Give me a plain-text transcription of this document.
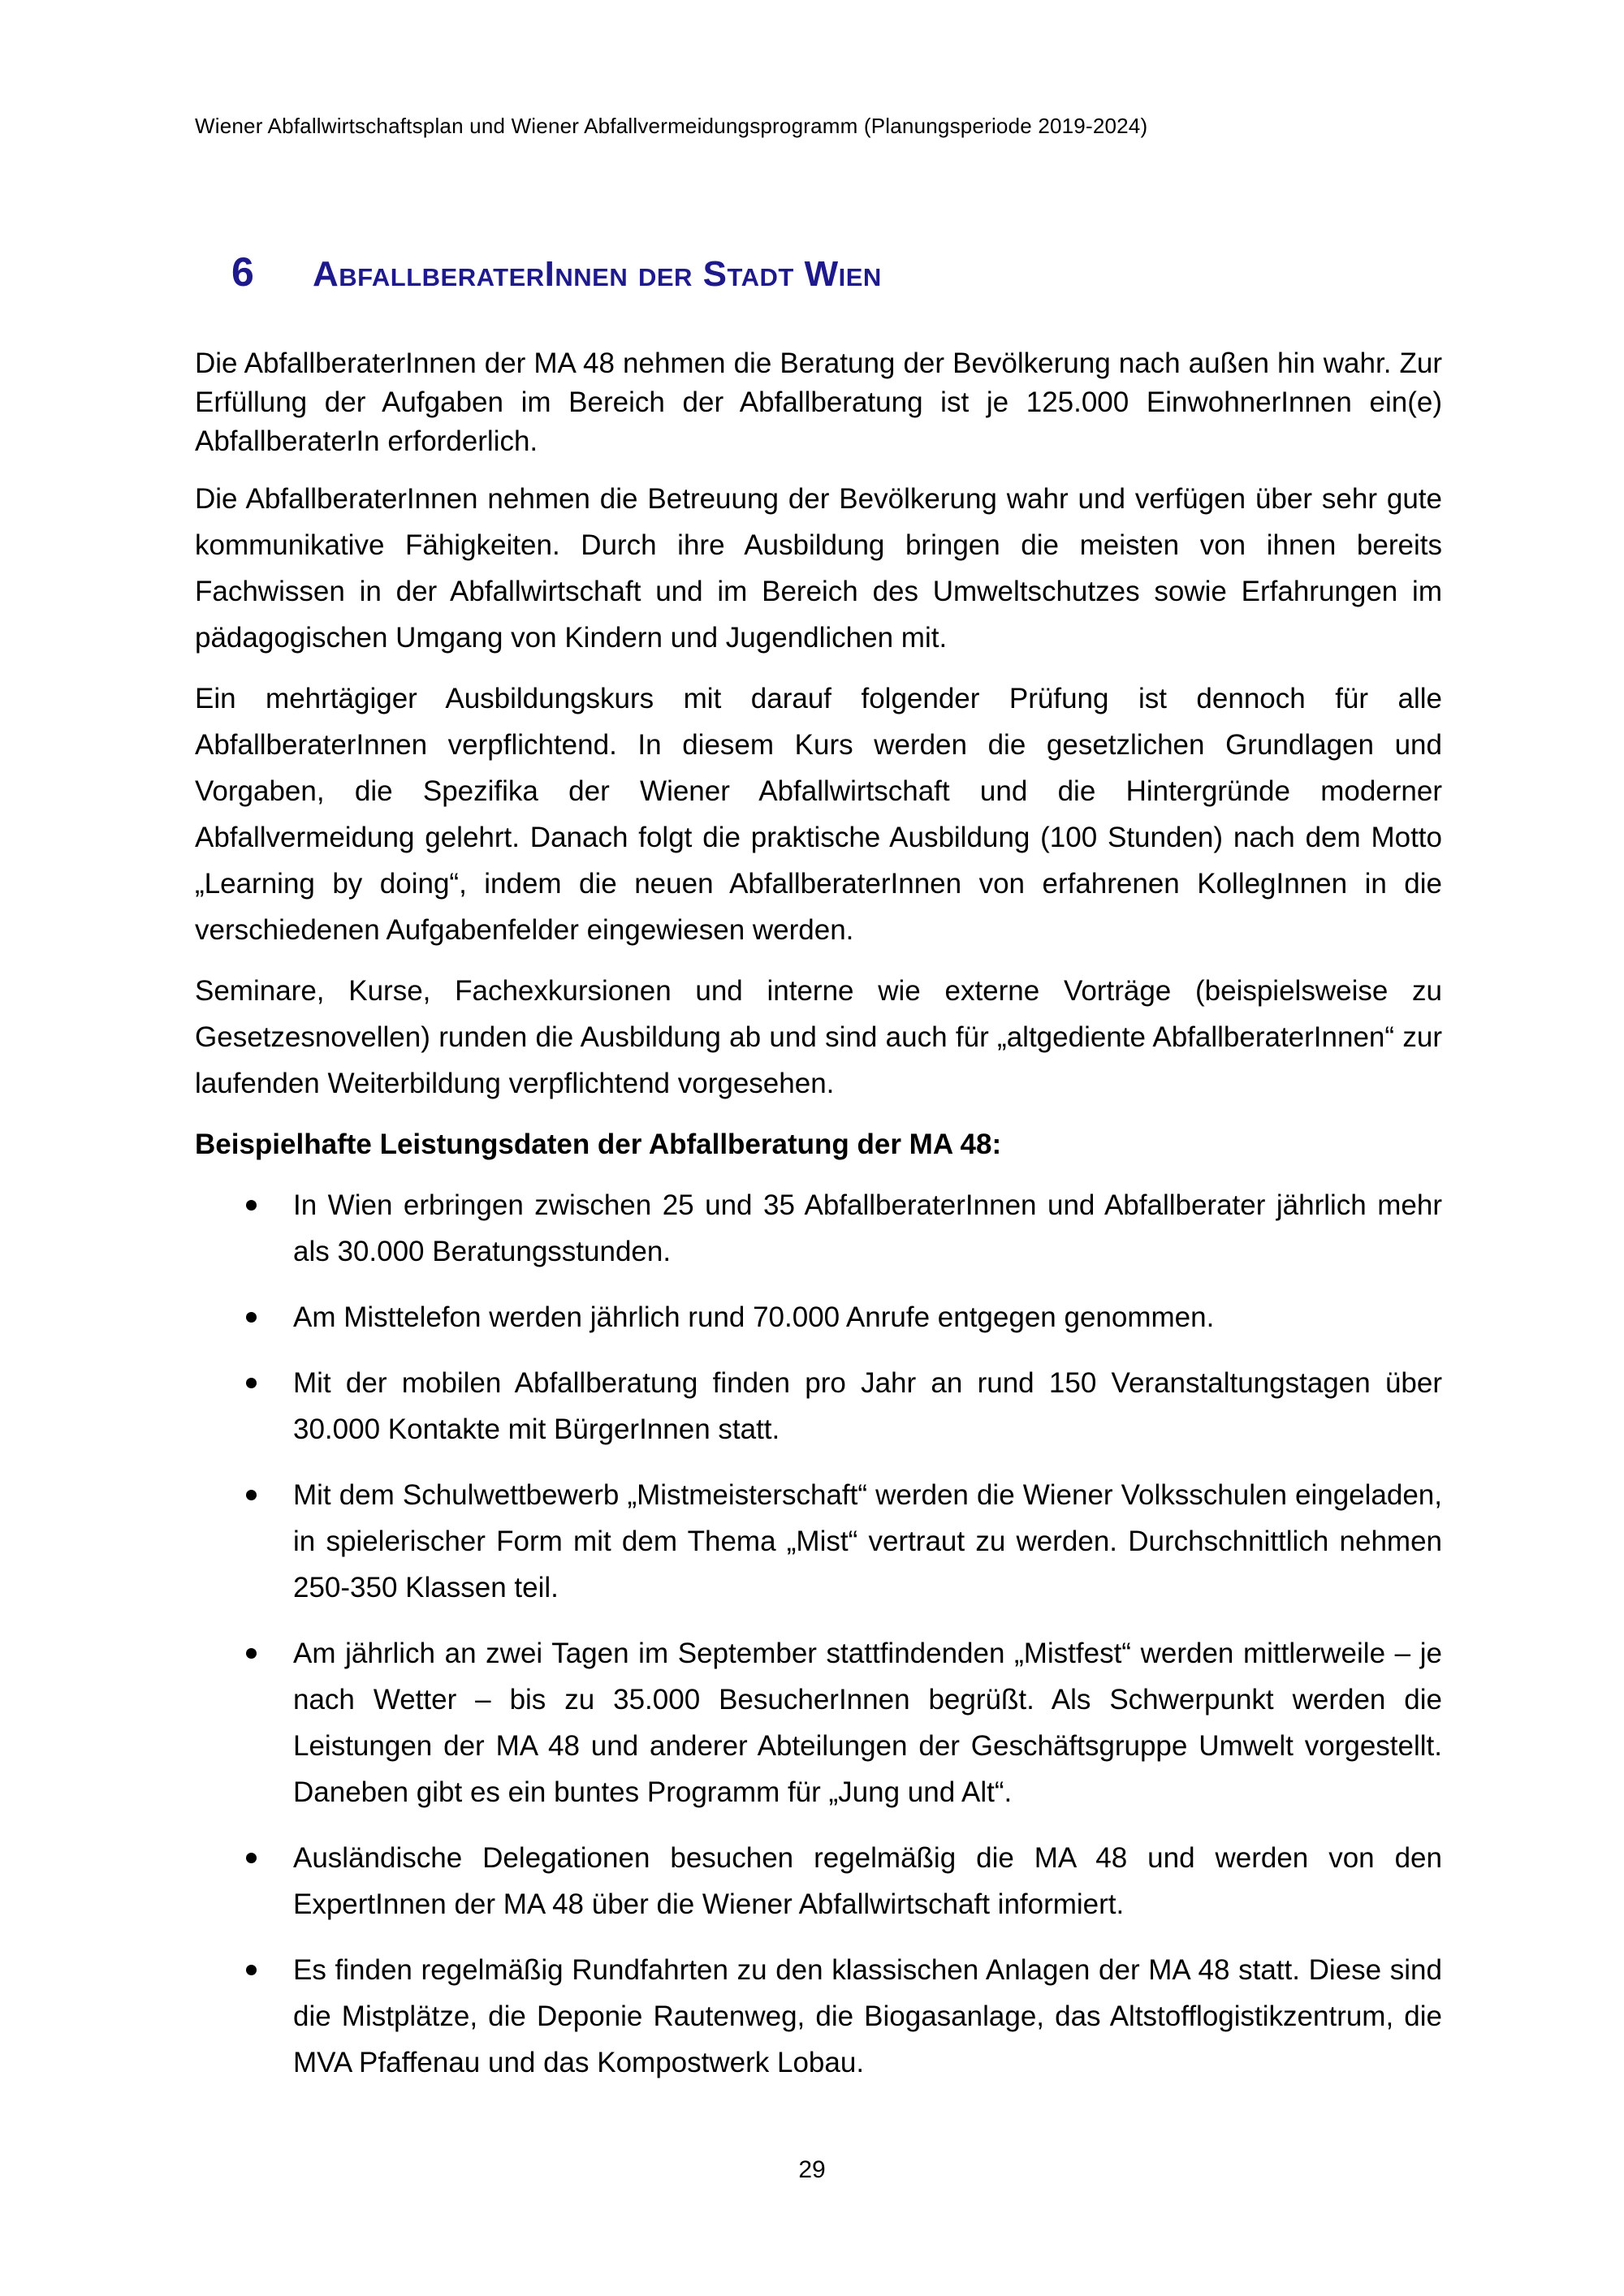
Wiener Abfallwirtschaftsplan und Wiener Abfallvermeidungsprogramm (Planungsperiode 2019-2024)
6	AbfallberaterInnen der Stadt Wien

Die AbfallberaterInnen der MA 48 nehmen die Beratung der Bevölkerung nach außen hin wahr. Zur Erfüllung der Aufgaben im Bereich der Abfallberatung ist je 125.000 EinwohnerInnen ein(e) AbfallberaterIn erforderlich.

Die AbfallberaterInnen nehmen die Betreuung der Bevölkerung wahr und verfügen über sehr gute kommunikative Fähigkeiten. Durch ihre Ausbildung bringen die meisten von ihnen bereits Fachwissen in der Abfallwirtschaft und im Bereich des Umweltschutzes sowie Erfahrungen im pädagogischen Umgang von Kindern und Jugendlichen mit.

Ein mehrtägiger Ausbildungskurs mit darauf folgender Prüfung ist dennoch für alle AbfallberaterInnen verpflichtend. In diesem Kurs werden die gesetzlichen Grundlagen und Vorgaben, die Spezifika der Wiener Abfallwirtschaft und die Hintergründe moderner Abfallvermeidung gelehrt. Danach folgt die praktische Ausbildung (100 Stunden) nach dem Motto „Learning by doing“, indem die neuen AbfallberaterInnen von erfahrenen KollegInnen in die verschiedenen Aufgabenfelder eingewiesen werden.

Seminare, Kurse, Fachexkursionen und interne wie externe Vorträge (beispielsweise zu Gesetzesnovellen) runden die Ausbildung ab und sind auch für „altgediente AbfallberaterInnen“ zur laufenden Weiterbildung verpflichtend vorgesehen.

Beispielhafte Leistungsdaten der Abfallberatung der MA 48:

In Wien erbringen zwischen 25 und 35 AbfallberaterInnen und Abfallberater jährlich mehr als 30.000 Beratungsstunden.
Am Misttelefon werden jährlich rund 70.000 Anrufe entgegen genommen.
Mit der mobilen Abfallberatung finden pro Jahr an rund 150 Veranstaltungstagen über 30.000 Kontakte mit BürgerInnen statt.
Mit dem Schulwettbewerb „Mistmeisterschaft“ werden die Wiener Volksschulen eingeladen, in spielerischer Form mit dem Thema „Mist“ vertraut zu werden. Durchschnittlich nehmen 250-350 Klassen teil.
Am jährlich an zwei Tagen im September stattfindenden „Mistfest“ werden mittlerweile – je nach Wetter – bis zu 35.000 BesucherInnen begrüßt. Als Schwerpunkt werden die Leistungen der MA 48 und anderer Abteilungen der Geschäftsgruppe Umwelt vorgestellt. Daneben gibt es ein buntes Programm für „Jung und Alt“.
Ausländische Delegationen besuchen regelmäßig die MA 48 und werden von den ExpertInnen der MA 48 über die Wiener Abfallwirtschaft informiert.
Es finden regelmäßig Rundfahrten zu den klassischen Anlagen der MA 48 statt. Diese sind die Mistplätze, die Deponie Rautenweg, die Biogasanlage, das Altstofflogistikzentrum, die MVA Pfaffenau und das Kompostwerk Lobau.
29
